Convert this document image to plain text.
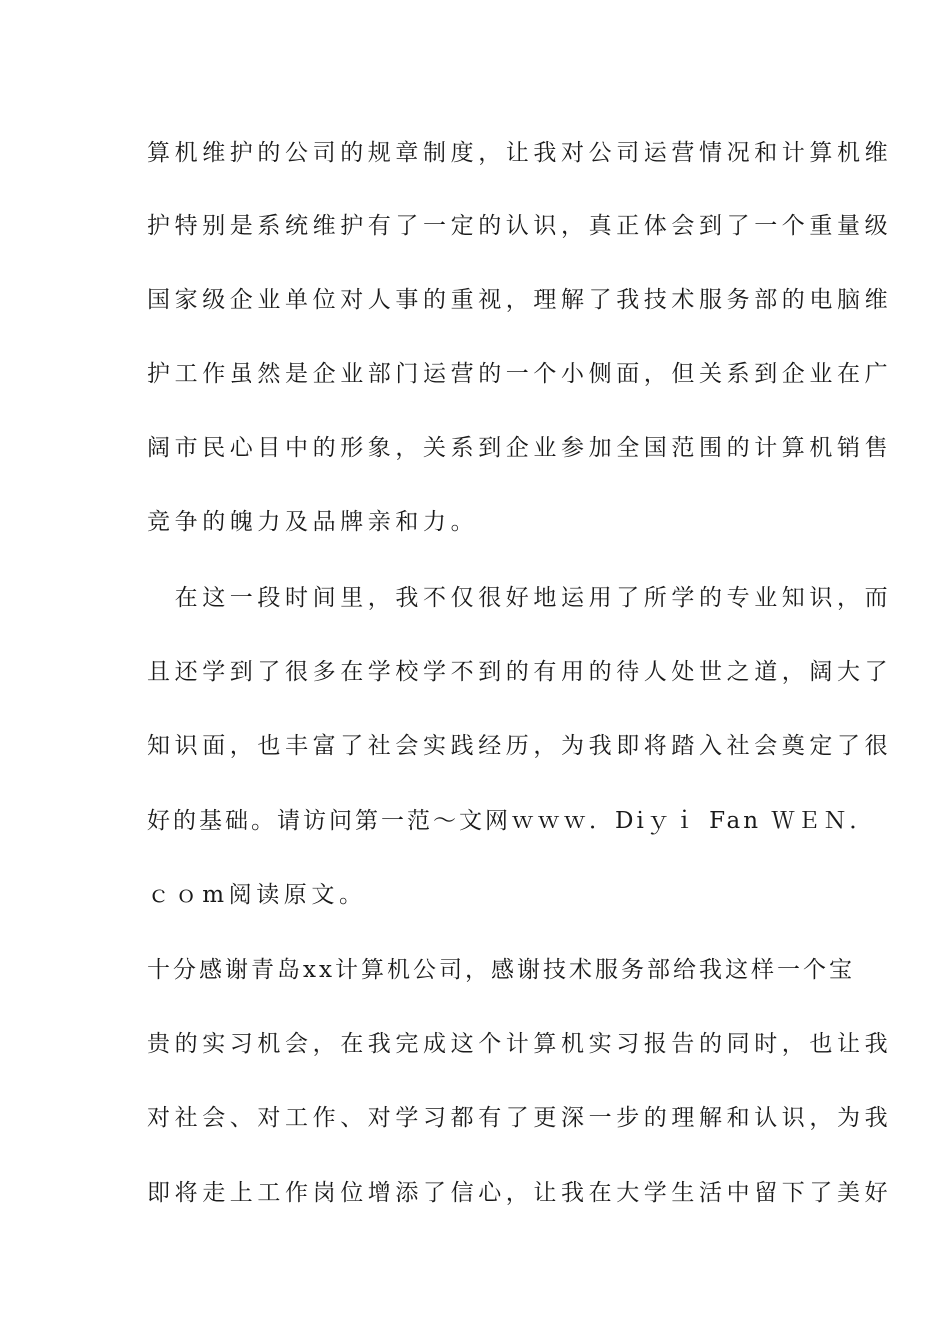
算机维护的公司的规章制度，让我对公司运营情况和计算机维
护特别是系统维护有了一定的认识，真正体会到了一个重量级
国家级企业单位对人事的重视，理解了我技术服务部的电脑维
护工作虽然是企业部门运营的一个小侧面，但关系到企业在广
阔市民心目中的形象，关系到企业参加全国范围的计算机销售
竞争的魄力及品牌亲和力。
　在这一段时间里，我不仅很好地运用了所学的专业知识，而
且还学到了很多在学校学不到的有用的待人处世之道，阔大了
知识面，也丰富了社会实践经历，为我即将踏入社会奠定了很
好的基础。请访问第一范～文网ｗｗｗ．Diｙｉ Fan ＷＥＮ．
ｃｏm阅读原文。
十分感谢青岛xx计算机公司，感谢技术服务部给我这样一个宝
贵的实习机会，在我完成这个计算机实习报告的同时，也让我
对社会、对工作、对学习都有了更深一步的理解和认识，为我
即将走上工作岗位增添了信心，让我在大学生活中留下了美好
